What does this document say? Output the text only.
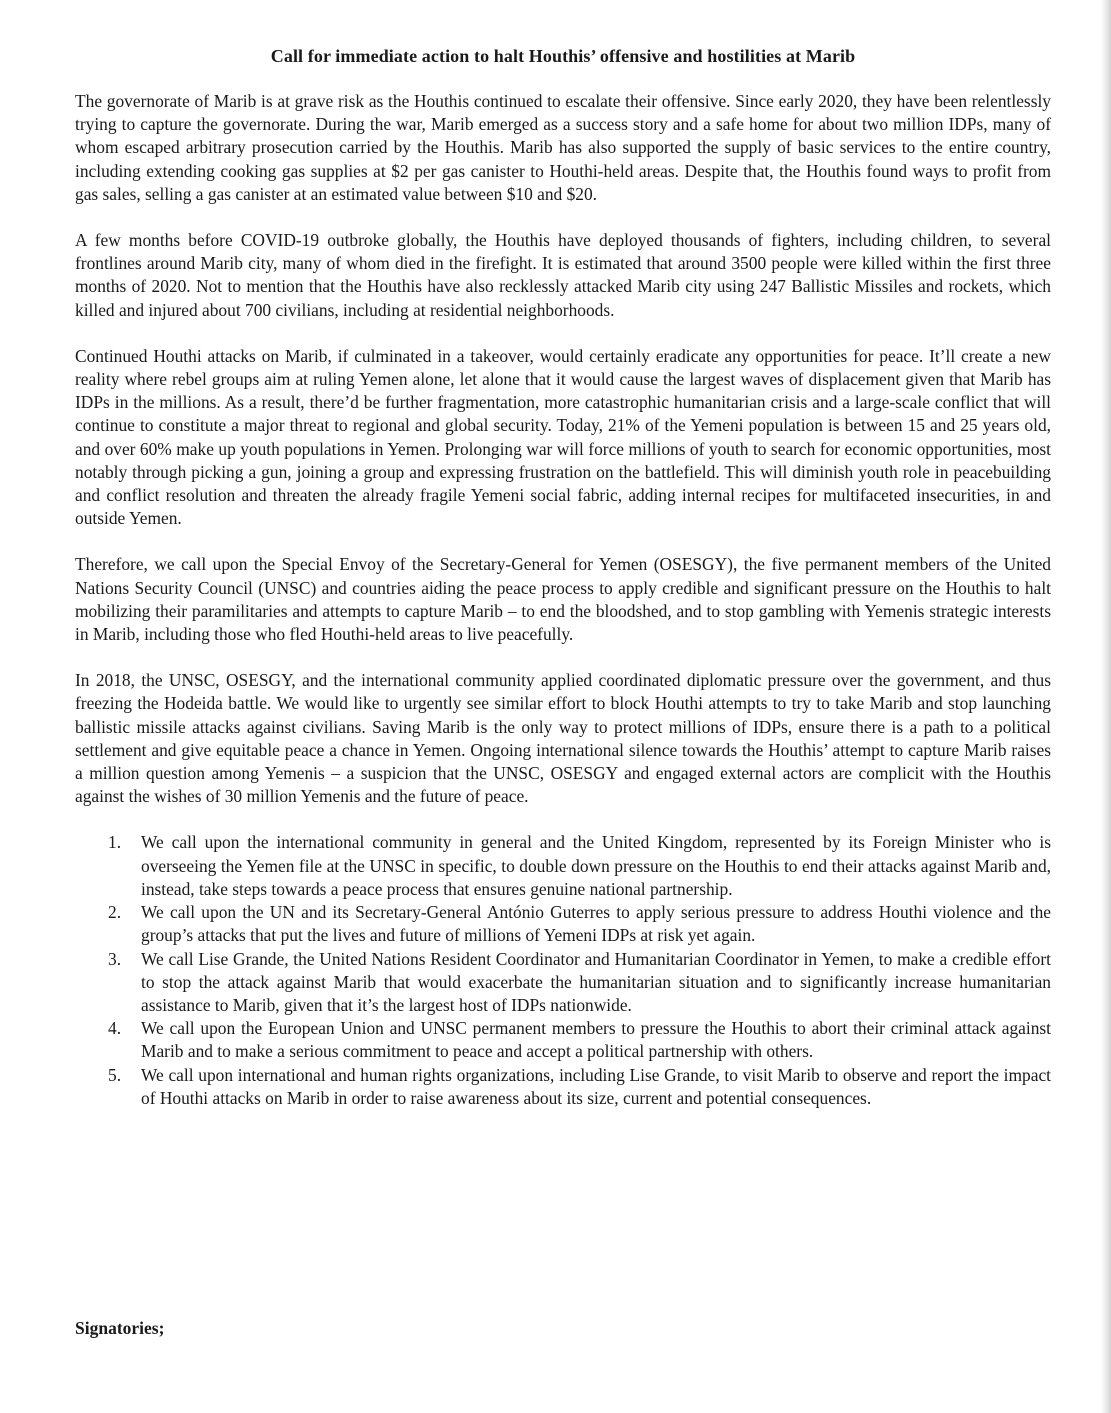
Call for immediate action to halt Houthis’ offensive and hostilities at Marib

The governorate of Marib is at grave risk as the Houthis continued to escalate their offensive. Since early 2020, they have been relentlessly trying to capture the governorate. During the war, Marib emerged as a success story and a safe home for about two million IDPs, many of whom escaped arbitrary prosecution carried by the Houthis. Marib has also supported the supply of basic services to the entire country, including extending cooking gas supplies at $2 per gas canister to Houthi-held areas. Despite that, the Houthis found ways to profit from gas sales, selling a gas canister at an estimated value between $10 and $20.

A few months before COVID-19 outbroke globally, the Houthis have deployed thousands of fighters, including children, to several frontlines around Marib city, many of whom died in the firefight. It is estimated that around 3500 people were killed within the first three months of 2020. Not to mention that the Houthis have also recklessly attacked Marib city using 247 Ballistic Missiles and rockets, which killed and injured about 700 civilians, including at residential neighborhoods.

Continued Houthi attacks on Marib, if culminated in a takeover, would certainly eradicate any opportunities for peace. It’ll create a new reality where rebel groups aim at ruling Yemen alone, let alone that it would cause the largest waves of displacement given that Marib has IDPs in the millions. As a result, there’d be further fragmentation, more catastrophic humanitarian crisis and a large-scale conflict that will continue to constitute a major threat to regional and global security. Today, 21% of the Yemeni population is between 15 and 25 years old, and over 60% make up youth populations in Yemen. Prolonging war will force millions of youth to search for economic opportunities, most notably through picking a gun, joining a group and expressing frustration on the battlefield. This will diminish youth role in peacebuilding and conflict resolution and threaten the already fragile Yemeni social fabric, adding internal recipes for multifaceted insecurities, in and outside Yemen.

Therefore, we call upon the Special Envoy of the Secretary-General for Yemen (OSESGY), the five permanent members of the United Nations Security Council (UNSC) and countries aiding the peace process to apply credible and significant pressure on the Houthis to halt mobilizing their paramilitaries and attempts to capture Marib – to end the bloodshed, and to stop gambling with Yemenis strategic interests in Marib, including those who fled Houthi-held areas to live peacefully.

In 2018, the UNSC, OSESGY, and the international community applied coordinated diplomatic pressure over the government, and thus freezing the Hodeida battle. We would like to urgently see similar effort to block Houthi attempts to try to take Marib and stop launching ballistic missile attacks against civilians. Saving Marib is the only way to protect millions of IDPs, ensure there is a path to a political settlement and give equitable peace a chance in Yemen. Ongoing international silence towards the Houthis’ attempt to capture Marib raises a million question among Yemenis – a suspicion that the UNSC, OSESGY and engaged external actors are complicit with the Houthis against the wishes of 30 million Yemenis and the future of peace.

1. We call upon the international community in general and the United Kingdom, represented by its Foreign Minister who is overseeing the Yemen file at the UNSC in specific, to double down pressure on the Houthis to end their attacks against Marib and, instead, take steps towards a peace process that ensures genuine national partnership.
2. We call upon the UN and its Secretary-General António Guterres to apply serious pressure to address Houthi violence and the group’s attacks that put the lives and future of millions of Yemeni IDPs at risk yet again.
3. We call Lise Grande, the United Nations Resident Coordinator and Humanitarian Coordinator in Yemen, to make a credible effort to stop the attack against Marib that would exacerbate the humanitarian situation and to significantly increase humanitarian assistance to Marib, given that it’s the largest host of IDPs nationwide.
4. We call upon the European Union and UNSC permanent members to pressure the Houthis to abort their criminal attack against Marib and to make a serious commitment to peace and accept a political partnership with others.
5. We call upon international and human rights organizations, including Lise Grande, to visit Marib to observe and report the impact of Houthi attacks on Marib in order to raise awareness about its size, current and potential consequences.
Signatories;
